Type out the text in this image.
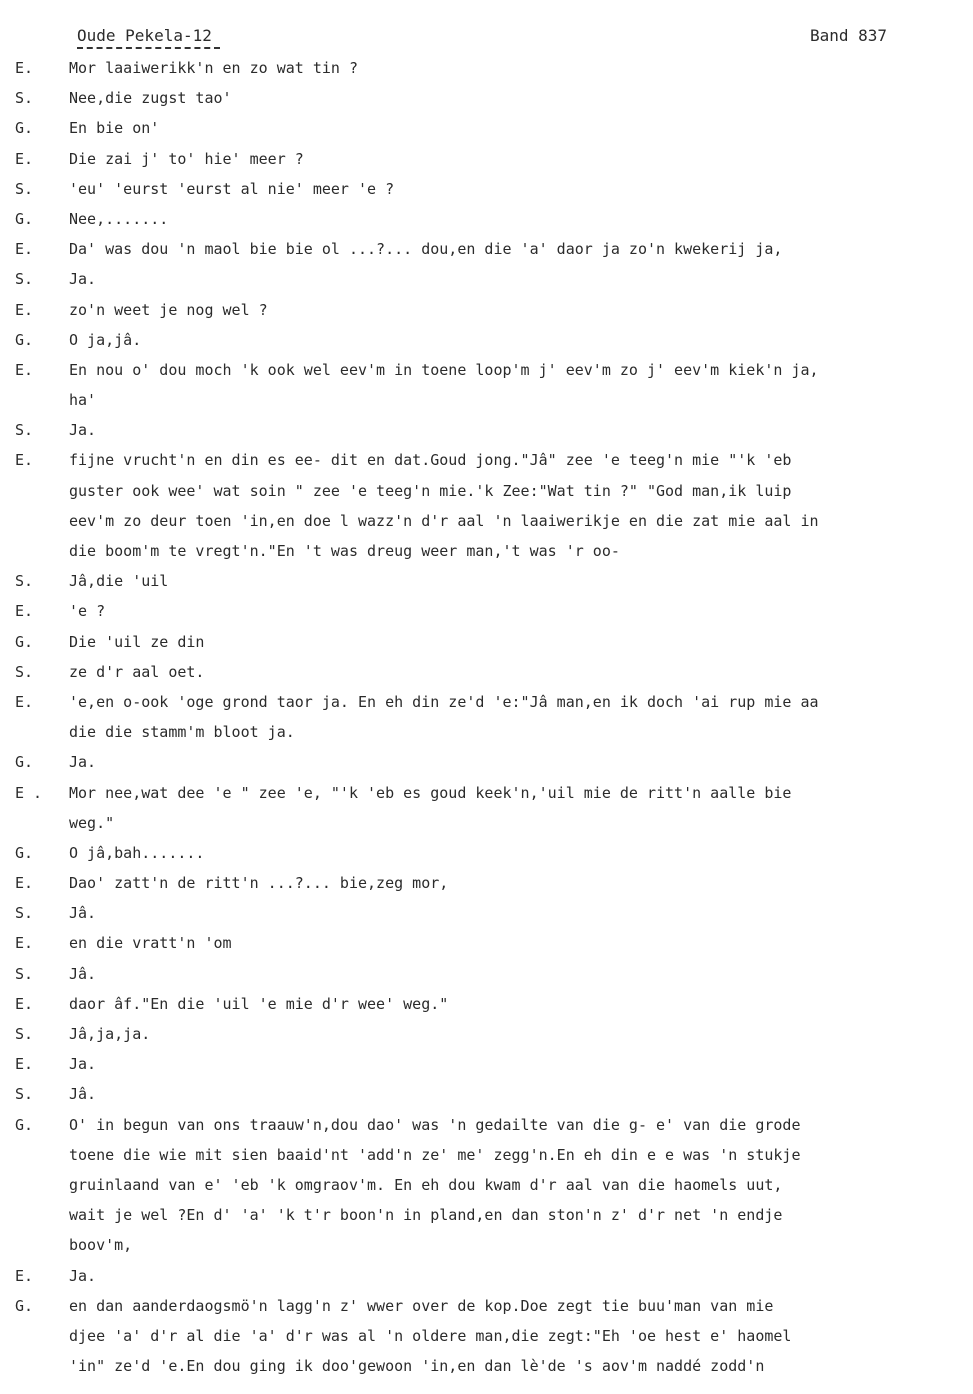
Oude Pekela-12	Band 837
E.	Mor laaiwerikk'n en zo wat tin ?
S.	Nee,die zugst tao'
G.	En bie on'
E.	Die zai j' to' hie' meer ?
S.	'eu' 'eurst 'eurst al nie' meer 'e ?
G.	Nee,.......
E.	Da' was dou 'n maol bie bie ol ...?... dou,en die 'a' daor ja zo'n kwekerij ja,
S.	Ja.
E.	zo'n weet je nog wel ?
G.	O ja,jâ.
E.	En nou o' dou moch 'k ook wel eev'm in toene loop'm j' eev'm zo j' eev'm kiek'n ja,
ha'
S.	Ja.
E.	fijne vrucht'n en din es ee- dit en dat.Goud jong."Jâ" zee 'e teeg'n mie "'k 'eb
guster ook wee' wat soin " zee 'e teeg'n mie.'k Zee:"Wat tin ?" "God man,ik luip
eev'm zo deur toen 'in,en doe l wazz'n d'r aal 'n laaiwerikje en die zat mie aal in
die boom'm te vregt'n."En 't was dreug weer man,'t was 'r oo-
S.	Jâ,die 'uil
E.	'e ?
G.	Die 'uil ze din
S.	ze d'r aal oet.
E.	'e,en o-ook 'oge grond taor ja. En eh din ze'd 'e:"Jâ man,en ik doch 'ai rup mie aa
die die stamm'm bloot ja.
G.	Ja.
E .	Mor nee,wat dee 'e " zee 'e, "'k 'eb es goud keek'n,'uil mie de ritt'n aalle bie
weg."
G.	O jâ,bah.......
E.	Dao' zatt'n de ritt'n ...?... bie,zeg mor,
S.	Jâ.
E.	en die vratt'n 'om
S.	Jâ.
E.	daor âf."En die 'uil 'e mie d'r wee' weg."
S.	Jâ,ja,ja.
E.	Ja.
S.	Jâ.
G.	O' in begun van ons traauw'n,dou dao' was 'n gedailte van die g- e' van die grode
toene die wie mit sien baaid'nt 'add'n ze' me' zegg'n.En eh din e e was 'n stukje
gruinlaand van e' 'eb 'k omgraov'm. En eh dou kwam d'r aal van die haomels uut,
wait je wel ?En d' 'a' 'k t'r boon'n in pland,en dan ston'n z' d'r net 'n endje
boov'm,
E.	Ja.
G.	en dan aanderdaogsmö'n lagg'n z' wwer over de kop.Doe zegt tie buu'man van mie
djee 'a' d'r al die 'a' d'r was al 'n oldere man,die zegt:"Eh 'oe hest e' haomel
'in" ze'd 'e.En dou ging ik doo'gewoon 'in,en dan lè'de 's aov'm naddé zodd'n
